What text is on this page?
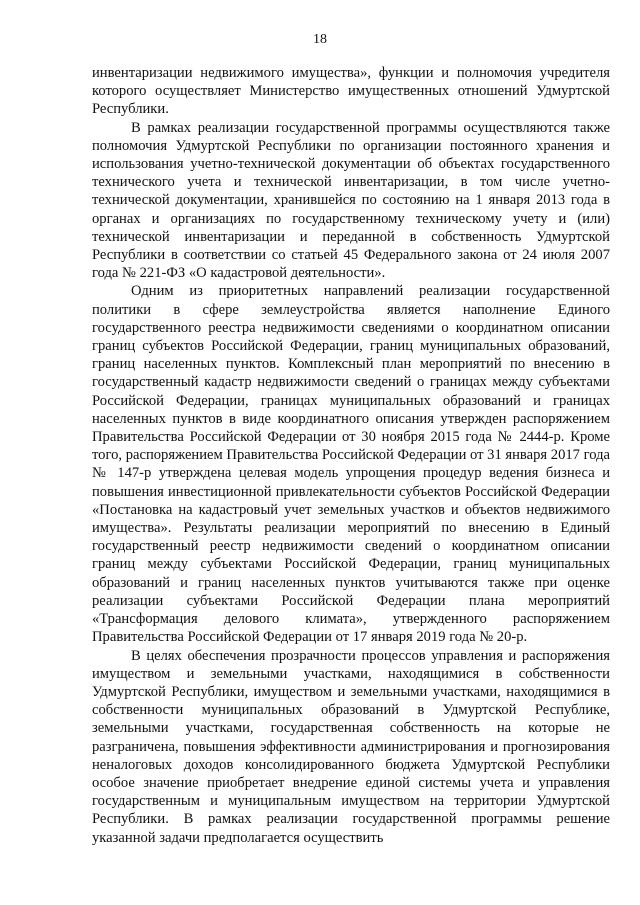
18

инвентаризации недвижимого имущества», функции и полномочия учредителя которого осуществляет Министерство имущественных отношений Удмуртской Республики.

В рамках реализации государственной программы осуществляются также полномочия Удмуртской Республики по организации постоянного хранения и использования учетно-технической документации об объектах государственного технического учета и технической инвентаризации, в том числе учетно-технической документации, хранившейся по состоянию на 1 января 2013 года в органах и организациях по государственному техническому учету и (или) технической инвентаризации и переданной в собственность Удмуртской Республики в соответствии со статьей 45 Федерального закона от 24 июля 2007 года № 221-ФЗ «О кадастровой деятельности».

Одним из приоритетных направлений реализации государственной политики в сфере землеустройства является наполнение Единого государственного реестра недвижимости сведениями о координатном описании границ субъектов Российской Федерации, границ муниципальных образований, границ населенных пунктов. Комплексный план мероприятий по внесению в государственный кадастр недвижимости сведений о границах между субъектами Российской Федерации, границах муниципальных образований и границах населенных пунктов в виде координатного описания утвержден распоряжением Правительства Российской Федерации от 30 ноября 2015 года № 2444-р. Кроме того, распоряжением Правительства Российской Федерации от 31 января 2017 года № 147-р утверждена целевая модель упрощения процедур ведения бизнеса и повышения инвестиционной привлекательности субъектов Российской Федерации «Постановка на кадастровый учет земельных участков и объектов недвижимого имущества». Результаты реализации мероприятий по внесению в Единый государственный реестр недвижимости сведений о координатном описании границ между субъектами Российской Федерации, границ муниципальных образований и границ населенных пунктов учитываются также при оценке реализации субъектами Российской Федерации плана мероприятий «Трансформация делового климата», утвержденного распоряжением Правительства Российской Федерации от 17 января 2019 года № 20-р.

В целях обеспечения прозрачности процессов управления и распоряжения имуществом и земельными участками, находящимися в собственности Удмуртской Республики, имуществом и земельными участками, находящимися в собственности муниципальных образований в Удмуртской Республике, земельными участками, государственная собственность на которые не разграничена, повышения эффективности администрирования и прогнозирования неналоговых доходов консолидированного бюджета Удмуртской Республики особое значение приобретает внедрение единой системы учета и управления государственным и муниципальным имуществом на территории Удмуртской Республики. В рамках реализации государственной программы решение указанной задачи предполагается осуществить
